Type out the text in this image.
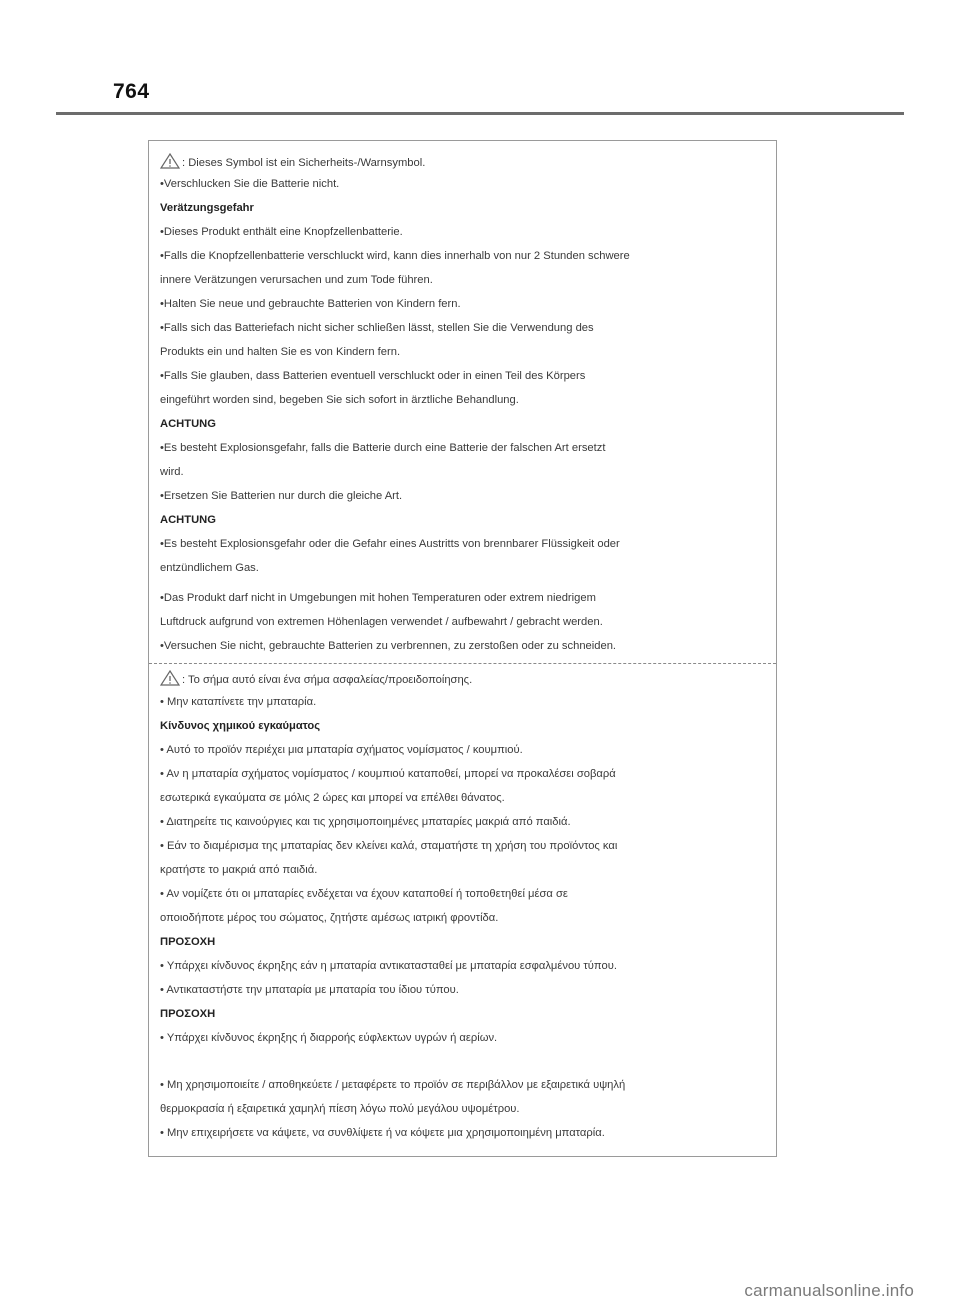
764
: Dieses Symbol ist ein Sicherheits-/Warnsymbol.
•Verschlucken Sie die Batterie nicht.
Verätzungsgefahr
•Dieses Produkt enthält eine Knopfzellenbatterie.
•Falls die Knopfzellenbatterie verschluckt wird, kann dies innerhalb von nur 2 Stunden schwere
innere Verätzungen verursachen und zum Tode führen.
•Halten Sie neue und gebrauchte Batterien von Kindern fern.
•Falls sich das Batteriefach nicht sicher schließen lässt, stellen Sie die Verwendung des
Produkts ein und halten Sie es von Kindern fern.
•Falls Sie glauben, dass Batterien eventuell verschluckt oder in einen Teil des Körpers
eingeführt worden sind, begeben Sie sich sofort in ärztliche Behandlung.
ACHTUNG
•Es besteht Explosionsgefahr, falls die Batterie durch eine Batterie der falschen Art ersetzt
wird.
•Ersetzen Sie Batterien nur durch die gleiche Art.
ACHTUNG
•Es besteht Explosionsgefahr oder die Gefahr eines Austritts von brennbarer Flüssigkeit oder
entzündlichem Gas.
•Das Produkt darf nicht in Umgebungen mit hohen Temperaturen oder extrem niedrigem
Luftdruck aufgrund von extremen Höhenlagen verwendet / aufbewahrt / gebracht werden.
•Versuchen Sie nicht, gebrauchte Batterien zu verbrennen, zu zerstoßen oder zu schneiden.
: Το σήμα αυτό είναι ένα σήμα ασφαλείας/προειδοποίησης.
• Μην καταπίνετε την μπαταρία.
Κίνδυνος χημικού εγκαύματος
• Αυτό το προϊόν περιέχει μια μπαταρία σχήματος νομίσματος / κουμπιού.
• Αν η μπαταρία σχήματος νομίσματος / κουμπιού καταποθεί, μπορεί να προκαλέσει σοβαρά
εσωτερικά εγκαύματα σε μόλις 2 ώρες και μπορεί να επέλθει θάνατος.
• Διατηρείτε τις καινούργιες και τις χρησιμοποιημένες μπαταρίες μακριά από παιδιά.
• Εάν το διαμέρισμα της μπαταρίας δεν κλείνει καλά, σταματήστε τη χρήση του προϊόντος και
κρατήστε το μακριά από παιδιά.
• Αν νομίζετε ότι οι μπαταρίες ενδέχεται να έχουν καταποθεί ή τοποθετηθεί μέσα σε
οποιοδήποτε μέρος του σώματος, ζητήστε αμέσως ιατρική φροντίδα.
ΠΡΟΣΟΧΗ
• Υπάρχει κίνδυνος έκρηξης εάν η μπαταρία αντικατασταθεί με μπαταρία εσφαλμένου τύπου.
• Αντικαταστήστε την μπαταρία με μπαταρία του ίδιου τύπου.
ΠΡΟΣΟΧΗ
• Υπάρχει κίνδυνος έκρηξης ή διαρροής εύφλεκτων υγρών ή αερίων.
• Μη χρησιμοποιείτε / αποθηκεύετε / μεταφέρετε το προϊόν σε περιβάλλον με εξαιρετικά υψηλή
θερμοκρασία ή εξαιρετικά χαμηλή πίεση λόγω πολύ μεγάλου υψομέτρου.
• Μην επιχειρήσετε να κάψετε, να συνθλίψετε ή να κόψετε μια χρησιμοποιημένη μπαταρία.
carmanualsonline.info
